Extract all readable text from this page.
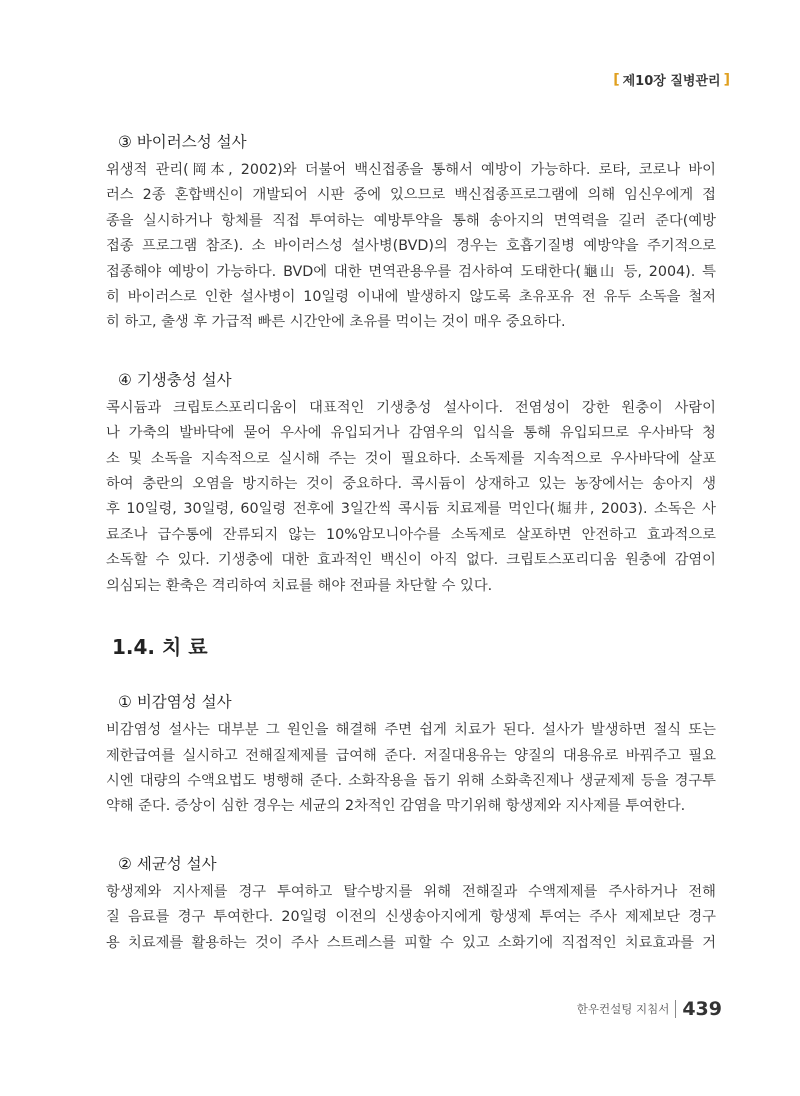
[ 제10장 질병관리 ]
③ 바이러스성 설사

위생적 관리(岡本, 2002)와 더불어 백신접종을 통해서 예방이 가능하다. 로타, 코로나 바이
러스 2종 혼합백신이 개발되어 시판 중에 있으므로 백신접종프로그램에 의해 임신우에게 접
종을 실시하거나 항체를 직접 투여하는 예방투약을 통해 송아지의 면역력을 길러 준다(예방
접종 프로그램 참조). 소 바이러스성 설사병(BVD)의 경우는 호흡기질병 예방약을 주기적으로
접종해야 예방이 가능하다. BVD에 대한 면역관용우를 검사하여 도태한다(龜山 등, 2004). 특
히 바이러스로 인한 설사병이 10일령 이내에 발생하지 않도록 초유포유 전 유두 소독을 철저
히 하고, 출생 후 가급적 빠른 시간안에 초유를 먹이는 것이 매우 중요하다.

④ 기생충성 설사

콕시듐과 크립토스포리디움이 대표적인 기생충성 설사이다. 전염성이 강한 원충이 사람이
나 가축의 발바닥에 묻어 우사에 유입되거나 감염우의 입식을 통해 유입되므로 우사바닥 청
소 및 소독을 지속적으로 실시해 주는 것이 필요하다. 소독제를 지속적으로 우사바닥에 살포
하여 충란의 오염을 방지하는 것이 중요하다. 콕시듐이 상재하고 있는 농장에서는 송아지 생
후 10일령, 30일령, 60일령 전후에 3일간씩 콕시듐 치료제를 먹인다(堀井, 2003). 소독은 사
료조나 급수통에 잔류되지 않는 10%암모니아수를 소독제로 살포하면 안전하고 효과적으로
소독할 수 있다. 기생충에 대한 효과적인 백신이 아직 없다. 크립토스포리디움 원충에 감염이
의심되는 환축은 격리하여 치료를 해야 전파를 차단할 수 있다.

1.4. 치 료
① 비감염성 설사

비감염성 설사는 대부분 그 원인을 해결해 주면 쉽게 치료가 된다. 설사가 발생하면 절식 또는
제한급여를 실시하고 전해질제제를 급여해 준다. 저질대용유는 양질의 대용유로 바꿔주고 필요
시엔 대량의 수액요법도 병행해 준다. 소화작용을 돕기 위해 소화촉진제나 생균제제 등을 경구투
약해 준다. 증상이 심한 경우는 세균의 2차적인 감염을 막기위해 항생제와 지사제를 투여한다.

② 세균성 설사

항생제와 지사제를 경구 투여하고 탈수방지를 위해 전해질과 수액제제를 주사하거나 전해
질 음료를 경구 투여한다. 20일령 이전의 신생송아지에게 항생제 투여는 주사 제제보단 경구
용 치료제를 활용하는 것이 주사 스트레스를 피할 수 있고 소화기에 직접적인 치료효과를 거

한우컨설팅 지침서 439
